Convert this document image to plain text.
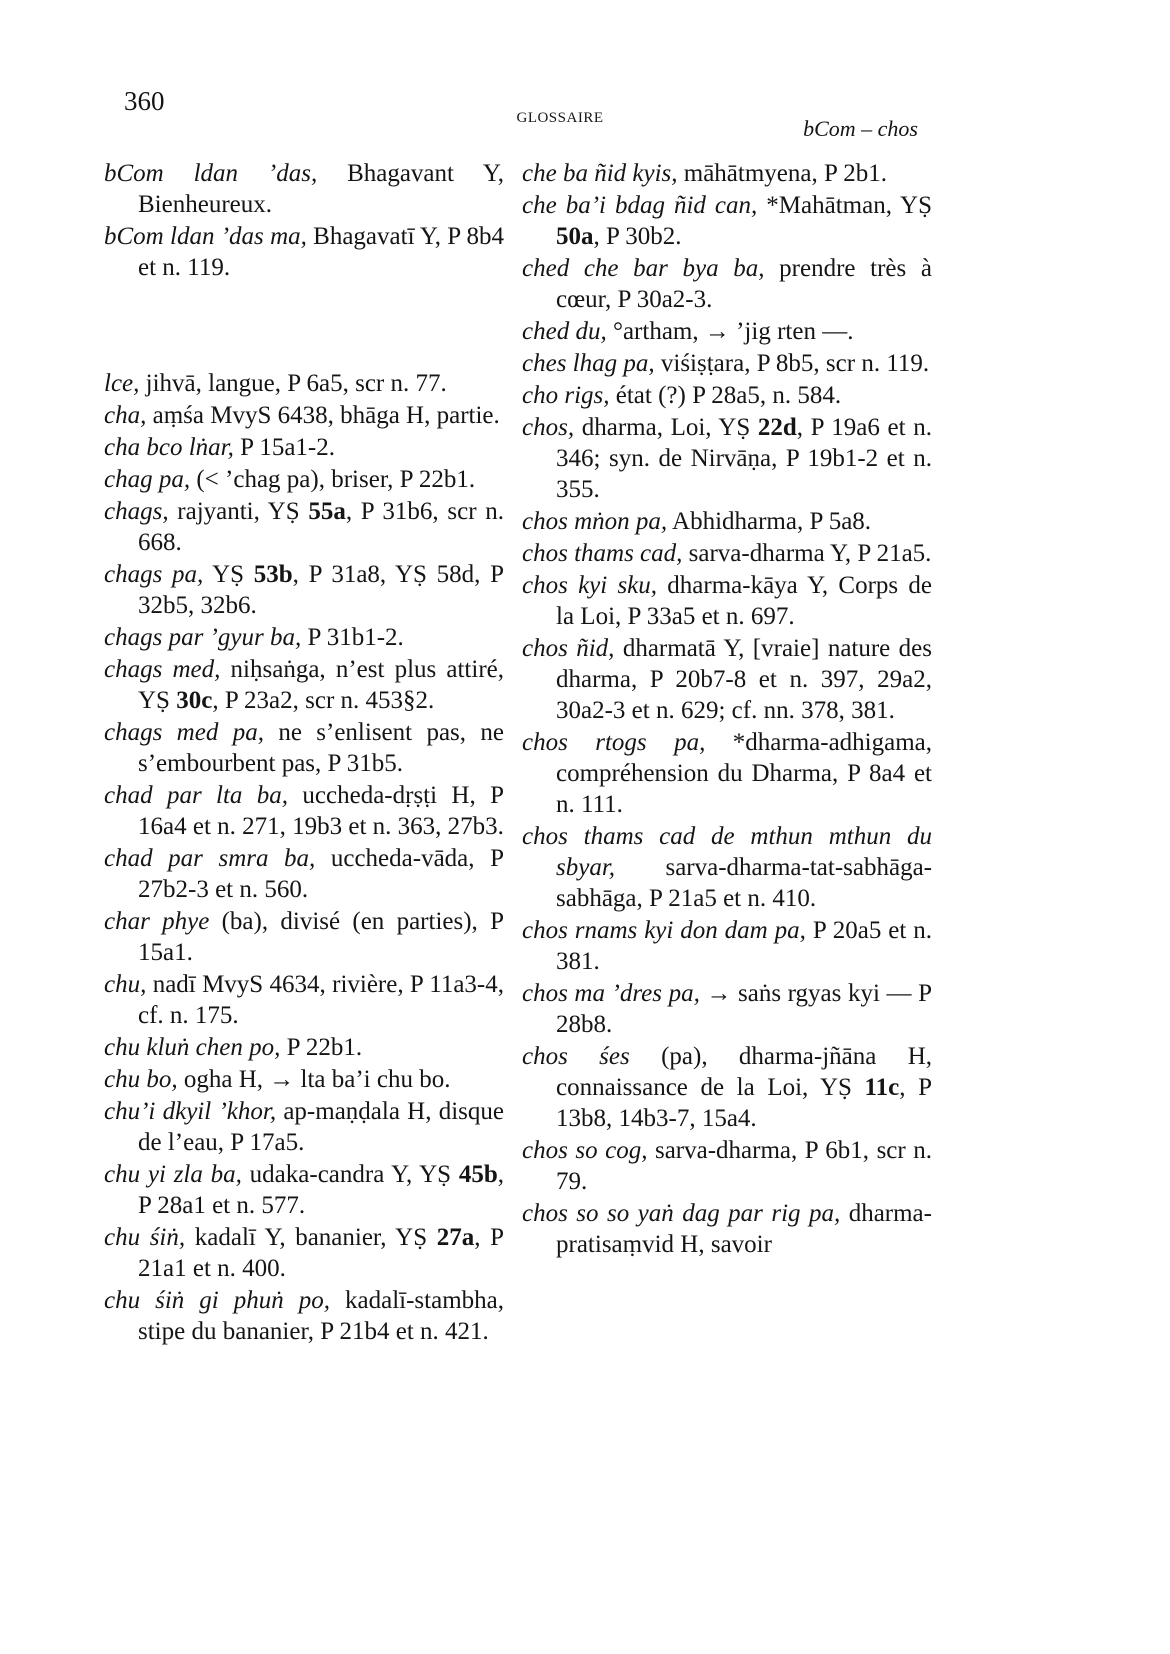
360
GLOSSAIRE	bCom – chos

bCom ldan ’das, Bhagavant Y, Bienheureux.

bCom ldan ’das ma, Bhagavatī Y, P 8b4 et n. 119.

lce, jihvā, langue, P 6a5, scr n. 77.

cha, aṃśa MvyS 6438, bhāga H, partie.

cha bco lṅar, P 15a1-2.

chag pa, (< ’chag pa), briser, P 22b1.

chags, rajyanti, YṢ 55a, P 31b6, scr n. 668.

chags pa, YṢ 53b, P 31a8, YṢ 58d, P 32b5, 32b6.

chags par ’gyur ba, P 31b1-2.

chags med, niḥsaṅga, n’est plus attiré, YṢ 30c, P 23a2, scr n. 453§2.

chags med pa, ne s’enlisent pas, ne s’embourbent pas, P 31b5.

chad par lta ba, uccheda-dṛṣṭi H, P 16a4 et n. 271, 19b3 et n. 363, 27b3.

chad par smra ba, uccheda-vāda, P 27b2-3 et n. 560.

char phye (ba), divisé (en parties), P 15a1.

chu, nadī MvyS 4634, rivière, P 11a3-4, cf. n. 175.

chu kluṅ chen po, P 22b1.

chu bo, ogha H, → lta ba’i chu bo.

chu’i dkyil ’khor, ap-maṇḍala H, disque de l’eau, P 17a5.

chu yi zla ba, udaka-candra Y, YṢ 45b, P 28a1 et n. 577.

chu śiṅ, kadalī Y, bananier, YṢ 27a, P 21a1 et n. 400.

chu śiṅ gi phuṅ po, kadalī-stambha, stipe du bananier, P 21b4 et n. 421.

che ba ñid kyis, māhātmyena, P 2b1.

che ba’i bdag ñid can, *Mahātman, YṢ 50a, P 30b2.

ched che bar bya ba, prendre très à cœur, P 30a2-3.

ched du, °artham, → ’jig rten —.

ches lhag pa, viśiṣṭara, P 8b5, scr n. 119.

cho rigs, état (?) P 28a5, n. 584.

chos, dharma, Loi, YṢ 22d, P 19a6 et n. 346; syn. de Nirvāṇa, P 19b1-2 et n. 355.

chos mṅon pa, Abhidharma, P 5a8.

chos thams cad, sarva-dharma Y, P 21a5.

chos kyi sku, dharma-kāya Y, Corps de la Loi, P 33a5 et n. 697.

chos ñid, dharmatā Y, [vraie] nature des dharma, P 20b7-8 et n. 397, 29a2, 30a2-3 et n. 629; cf. nn. 378, 381.

chos rtogs pa, *dharma-adhigama, compréhension du Dharma, P 8a4 et n. 111.

chos thams cad de mthun mthun du sbyar, sarva-dharma-tat-sabhāga-sabhāga, P 21a5 et n. 410.

chos rnams kyi don dam pa, P 20a5 et n. 381.

chos ma ’dres pa, → saṅs rgyas kyi — P 28b8.

chos śes (pa), dharma-jñāna H, connaissance de la Loi, YṢ 11c, P 13b8, 14b3-7, 15a4.

chos so cog, sarva-dharma, P 6b1, scr n. 79.

chos so so yaṅ dag par rig pa, dharma-pratisaṃvid H, savoir
